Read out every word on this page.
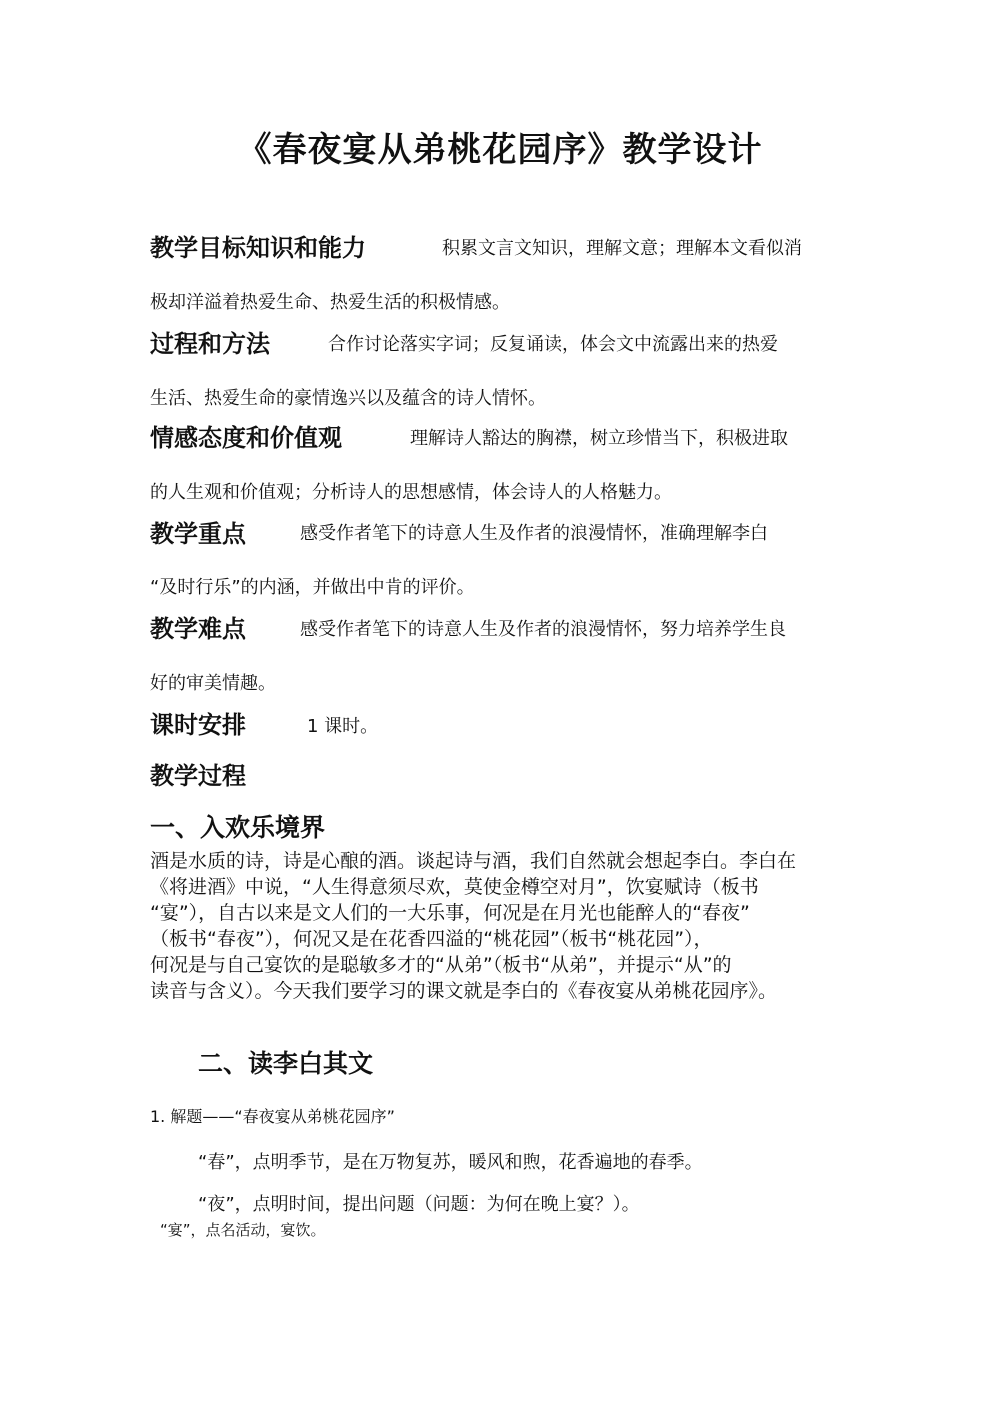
《春夜宴从弟桃花园序》教学设计
教学目标知识和能力	积累文言文知识，理解文意；理解本文看似消
极却洋溢着热爱生命、热爱生活的积极情感。
过程和方法	合作讨论落实字词；反复诵读，体会文中流露出来的热爱
生活、热爱生命的豪情逸兴以及蕴含的诗人情怀。
情感态度和价值观	理解诗人豁达的胸襟，树立珍惜当下，积极进取
的人生观和价值观；分析诗人的思想感情，体会诗人的人格魅力。
教学重点	感受作者笔下的诗意人生及作者的浪漫情怀，准确理解李白
“及时行乐”的内涵，并做出中肯的评价。
教学难点	感受作者笔下的诗意人生及作者的浪漫情怀，努力培养学生良
好的审美情趣。
课时安排	1 课时。
教学过程
一、入欢乐境界
酒是水质的诗，诗是心酿的酒。谈起诗与酒，我们自然就会想起李白。李白在
《将进酒》中说，“人生得意须尽欢，莫使金樽空对月”，饮宴赋诗（板书
“宴”），自古以来是文人们的一大乐事，何况是在月光也能醉人的“春夜”
（板书“春夜”），何况又是在花香四溢的“桃花园”（板书“桃花园”），
何况是与自己宴饮的是聪敏多才的“从弟”（板书“从弟”，并提示“从”的
读音与含义）。今天我们要学习的课文就是李白的《春夜宴从弟桃花园序》。
二、读李白其文
1. 解题——“春夜宴从弟桃花园序”
“春”，点明季节，是在万物复苏，暖风和煦，花香遍地的春季。
“夜”，点明时间，提出问题（问题：为何在晚上宴？）。
“宴”，点名活动，宴饮。
